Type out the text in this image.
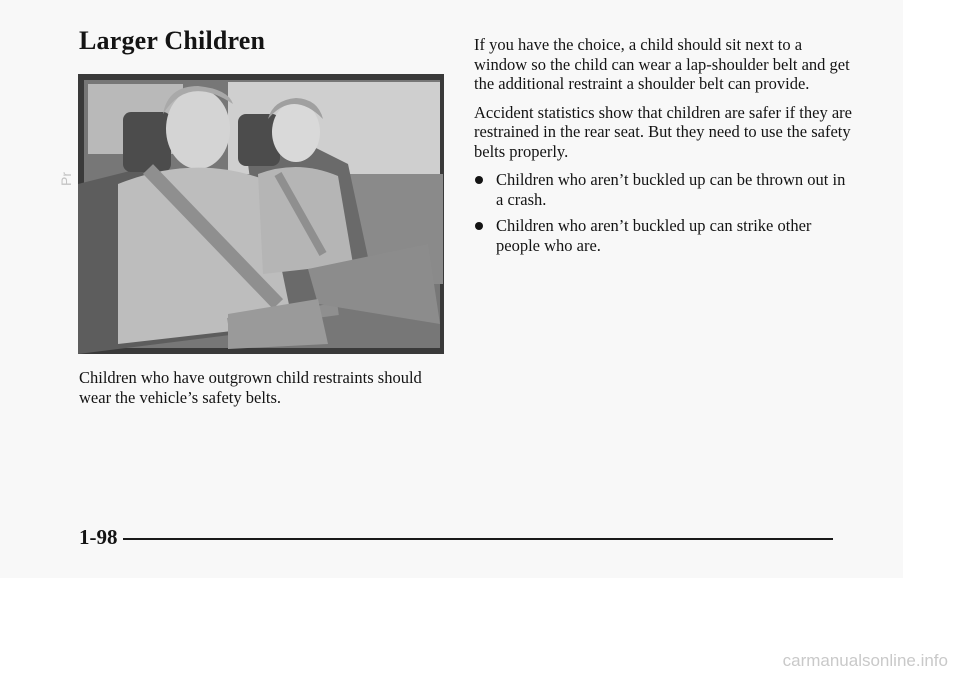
Larger Children
Pr

Children who have outgrown child restraints should wear the vehicle’s safety belts.

If you have the choice, a child should sit next to a window so the child can wear a lap-shoulder belt and get the additional restraint a shoulder belt can provide.

Accident statistics show that children are safer if they are restrained in the rear seat. But they need to use the safety belts properly.

Children who aren’t buckled up can be thrown out in a crash.
Children who aren’t buckled up can strike other people who are.

1-98

carmanualsonline.info
